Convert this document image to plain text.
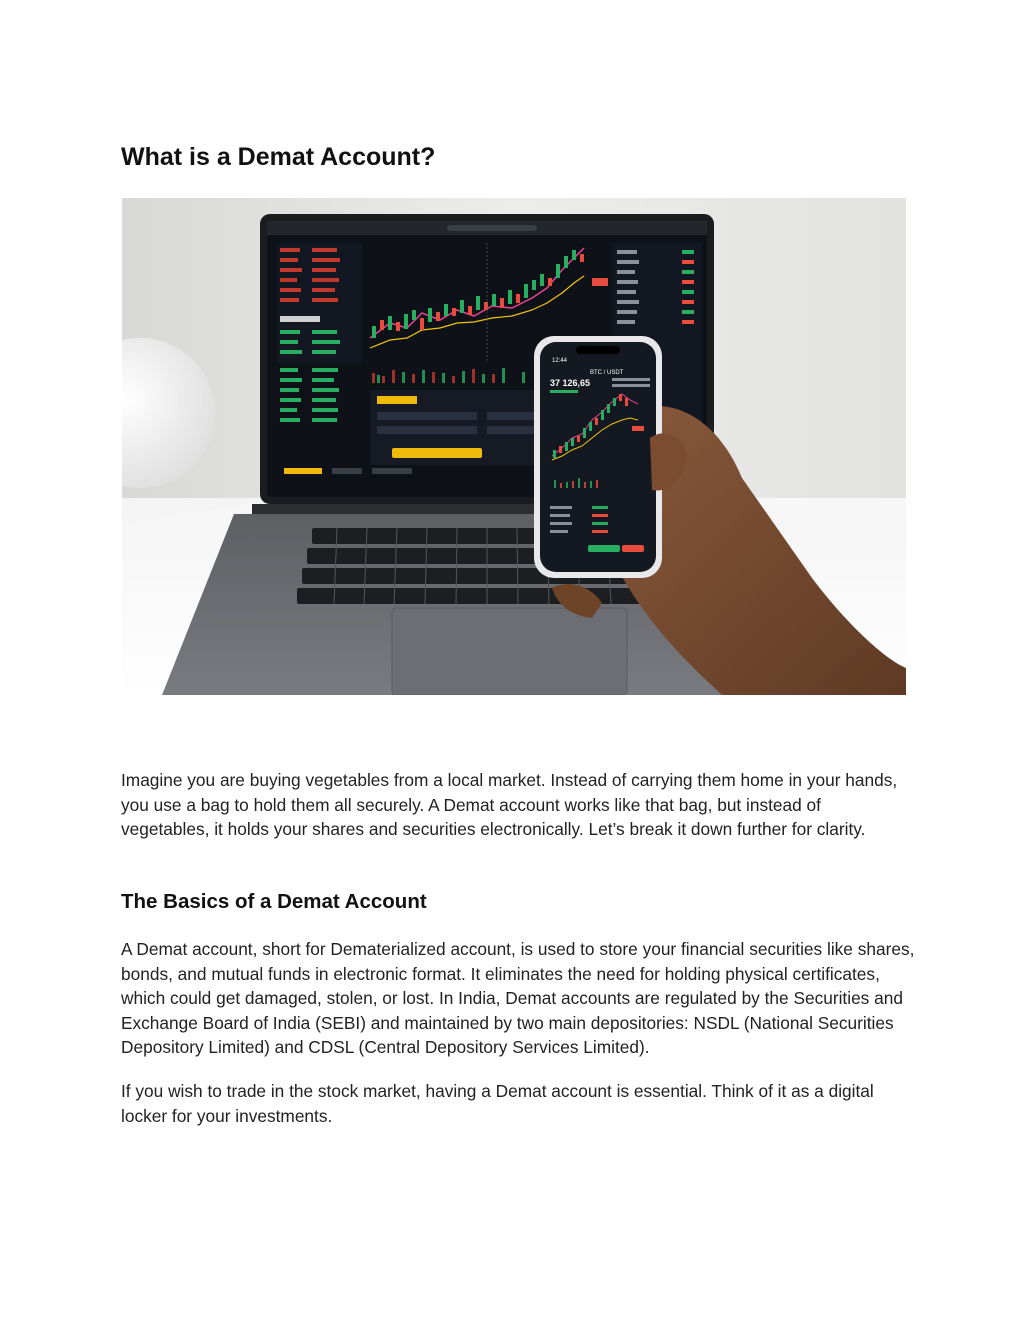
What is a Demat Account?
12:44
BTC / USDT
37 126,65

Imagine you are buying vegetables from a local market. Instead of carrying them home in your hands, you use a bag to hold them all securely. A Demat account works like that bag, but instead of vegetables, it holds your shares and securities electronically. Let’s break it down further for clarity.

The Basics of a Demat Account

A Demat account, short for Dematerialized account, is used to store your financial securities like shares, bonds, and mutual funds in electronic format. It eliminates the need for holding physical certificates, which could get damaged, stolen, or lost. In India, Demat accounts are regulated by the Securities and Exchange Board of India (SEBI) and maintained by two main depositories: NSDL (National Securities Depository Limited) and CDSL (Central Depository Services Limited).

If you wish to trade in the stock market, having a Demat account is essential. Think of it as a digital locker for your investments.
